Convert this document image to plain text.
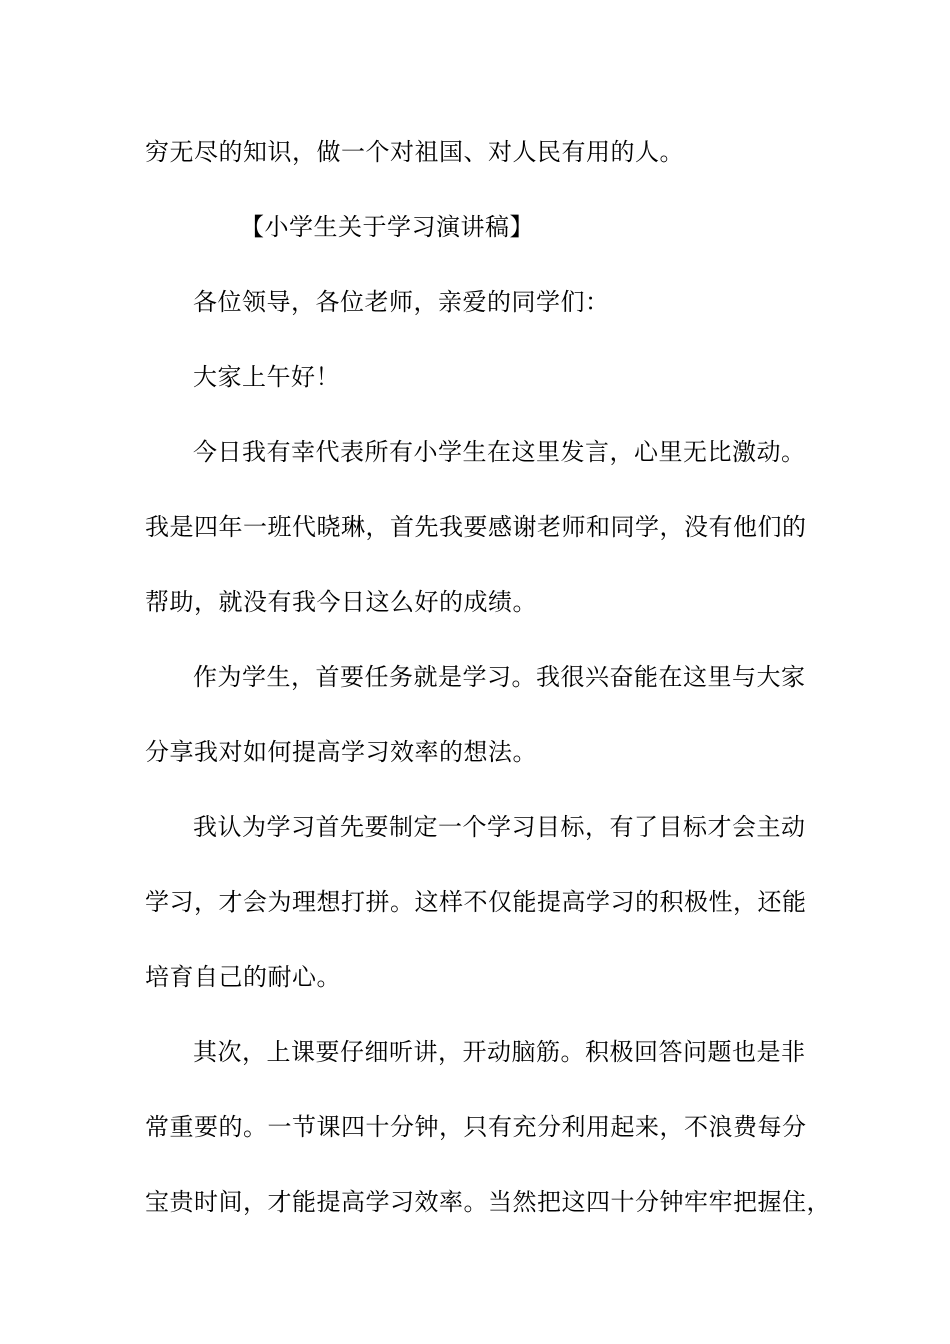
穷无尽的知识，做一个对祖国、对人民有用的人。
【小学生关于学习演讲稿】
各位领导，各位老师，亲爱的同学们：
大家上午好！
今日我有幸代表所有小学生在这里发言，心里无比激动。
我是四年一班代晓琳，首先我要感谢老师和同学，没有他们的
帮助，就没有我今日这么好的成绩。
作为学生，首要任务就是学习。我很兴奋能在这里与大家
分享我对如何提高学习效率的想法。
我认为学习首先要制定一个学习目标，有了目标才会主动
学习，才会为理想打拼。这样不仅能提高学习的积极性，还能
培育自己的耐心。
其次，上课要仔细听讲，开动脑筋。积极回答问题也是非
常重要的。一节课四十分钟，只有充分利用起来，不浪费每分
宝贵时间，才能提高学习效率。当然把这四十分钟牢牢把握住，
